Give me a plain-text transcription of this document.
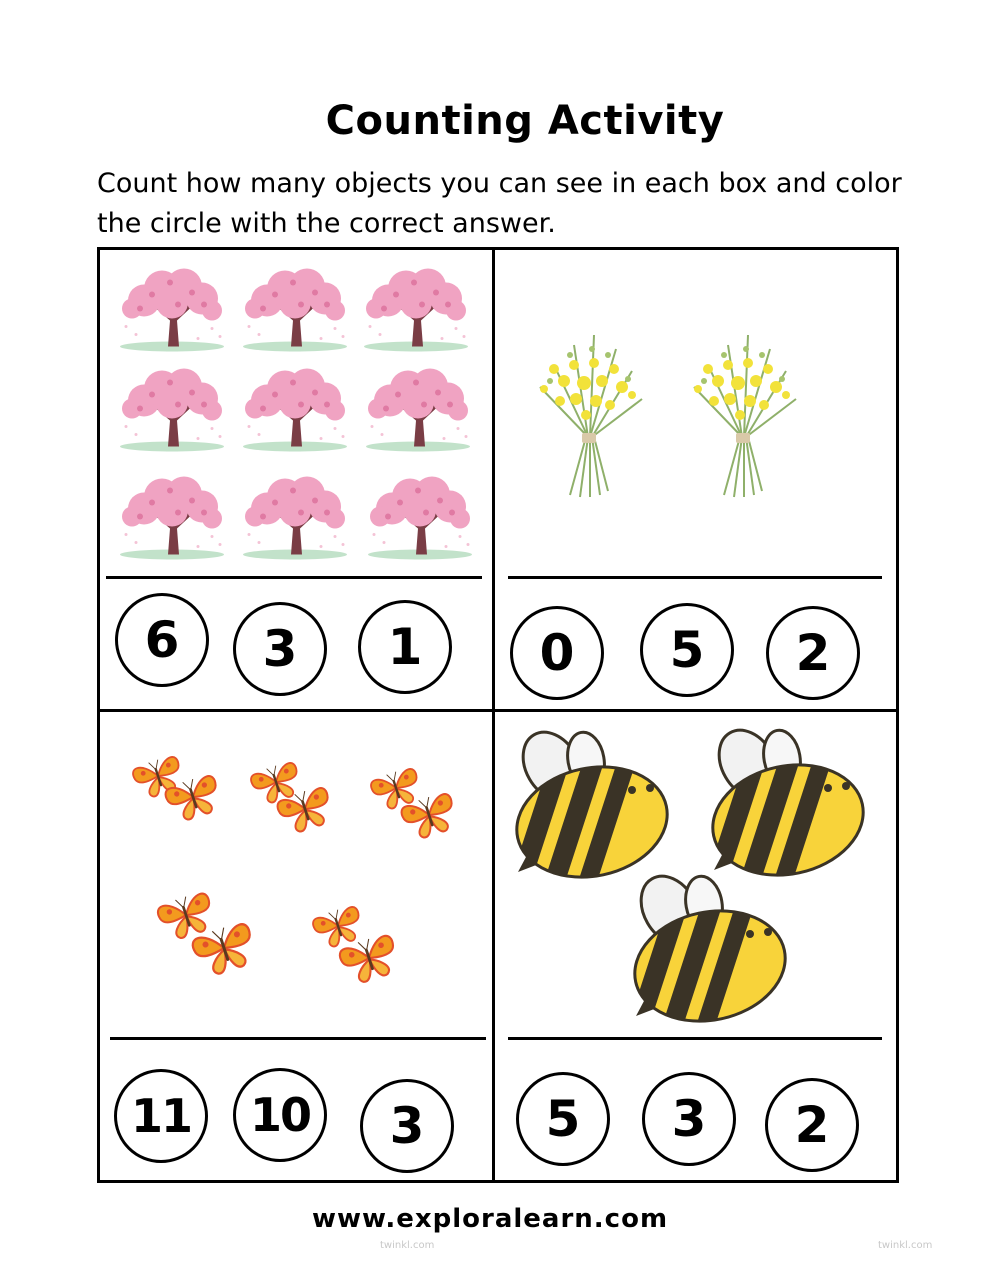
Counting Activity
Count how many objects you can see in each box and color the circle with the correct answer.
6	3	1	0	5	2
11	10	3	5	3	2
www.exploralearn.com
twinkl.com	twinkl.com
